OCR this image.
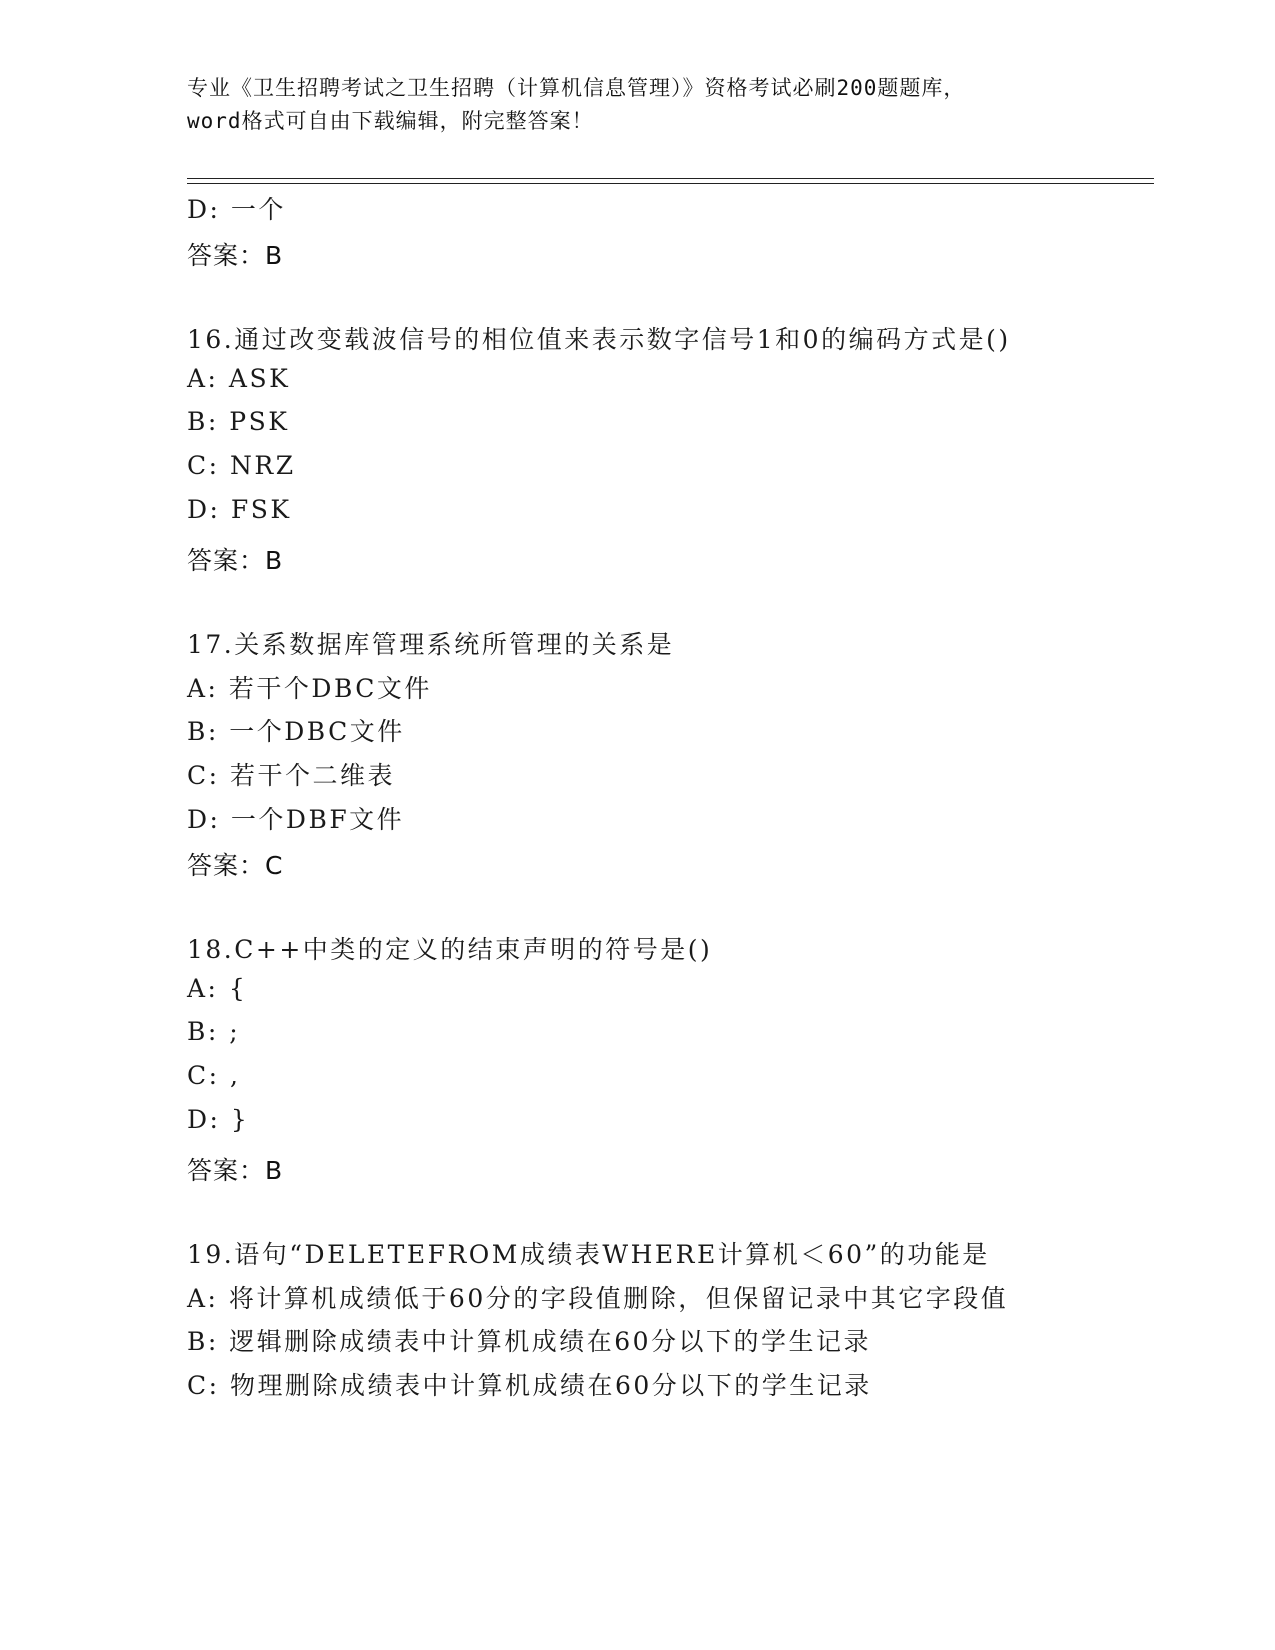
专业《卫生招聘考试之卫生招聘（计算机信息管理）》资格考试必刷200题题库，
word格式可自由下载编辑，附完整答案！
D: 一个
答案：B
16.通过改变载波信号的相位值来表示数字信号1和0的编码方式是()
A: ASK
B: PSK
C: NRZ
D: FSK
答案：B
17.关系数据库管理系统所管理的关系是
A: 若干个DBC文件
B: 一个DBC文件
C: 若干个二维表
D: 一个DBF文件
答案：C
18.C++中类的定义的结束声明的符号是()
A: {
B: ;
C: ,
D: }
答案：B
19.语句“DELETEFROM成绩表WHERE计算机＜60”的功能是
A: 将计算机成绩低于60分的字段值删除，但保留记录中其它字段值
B: 逻辑删除成绩表中计算机成绩在60分以下的学生记录
C: 物理删除成绩表中计算机成绩在60分以下的学生记录
